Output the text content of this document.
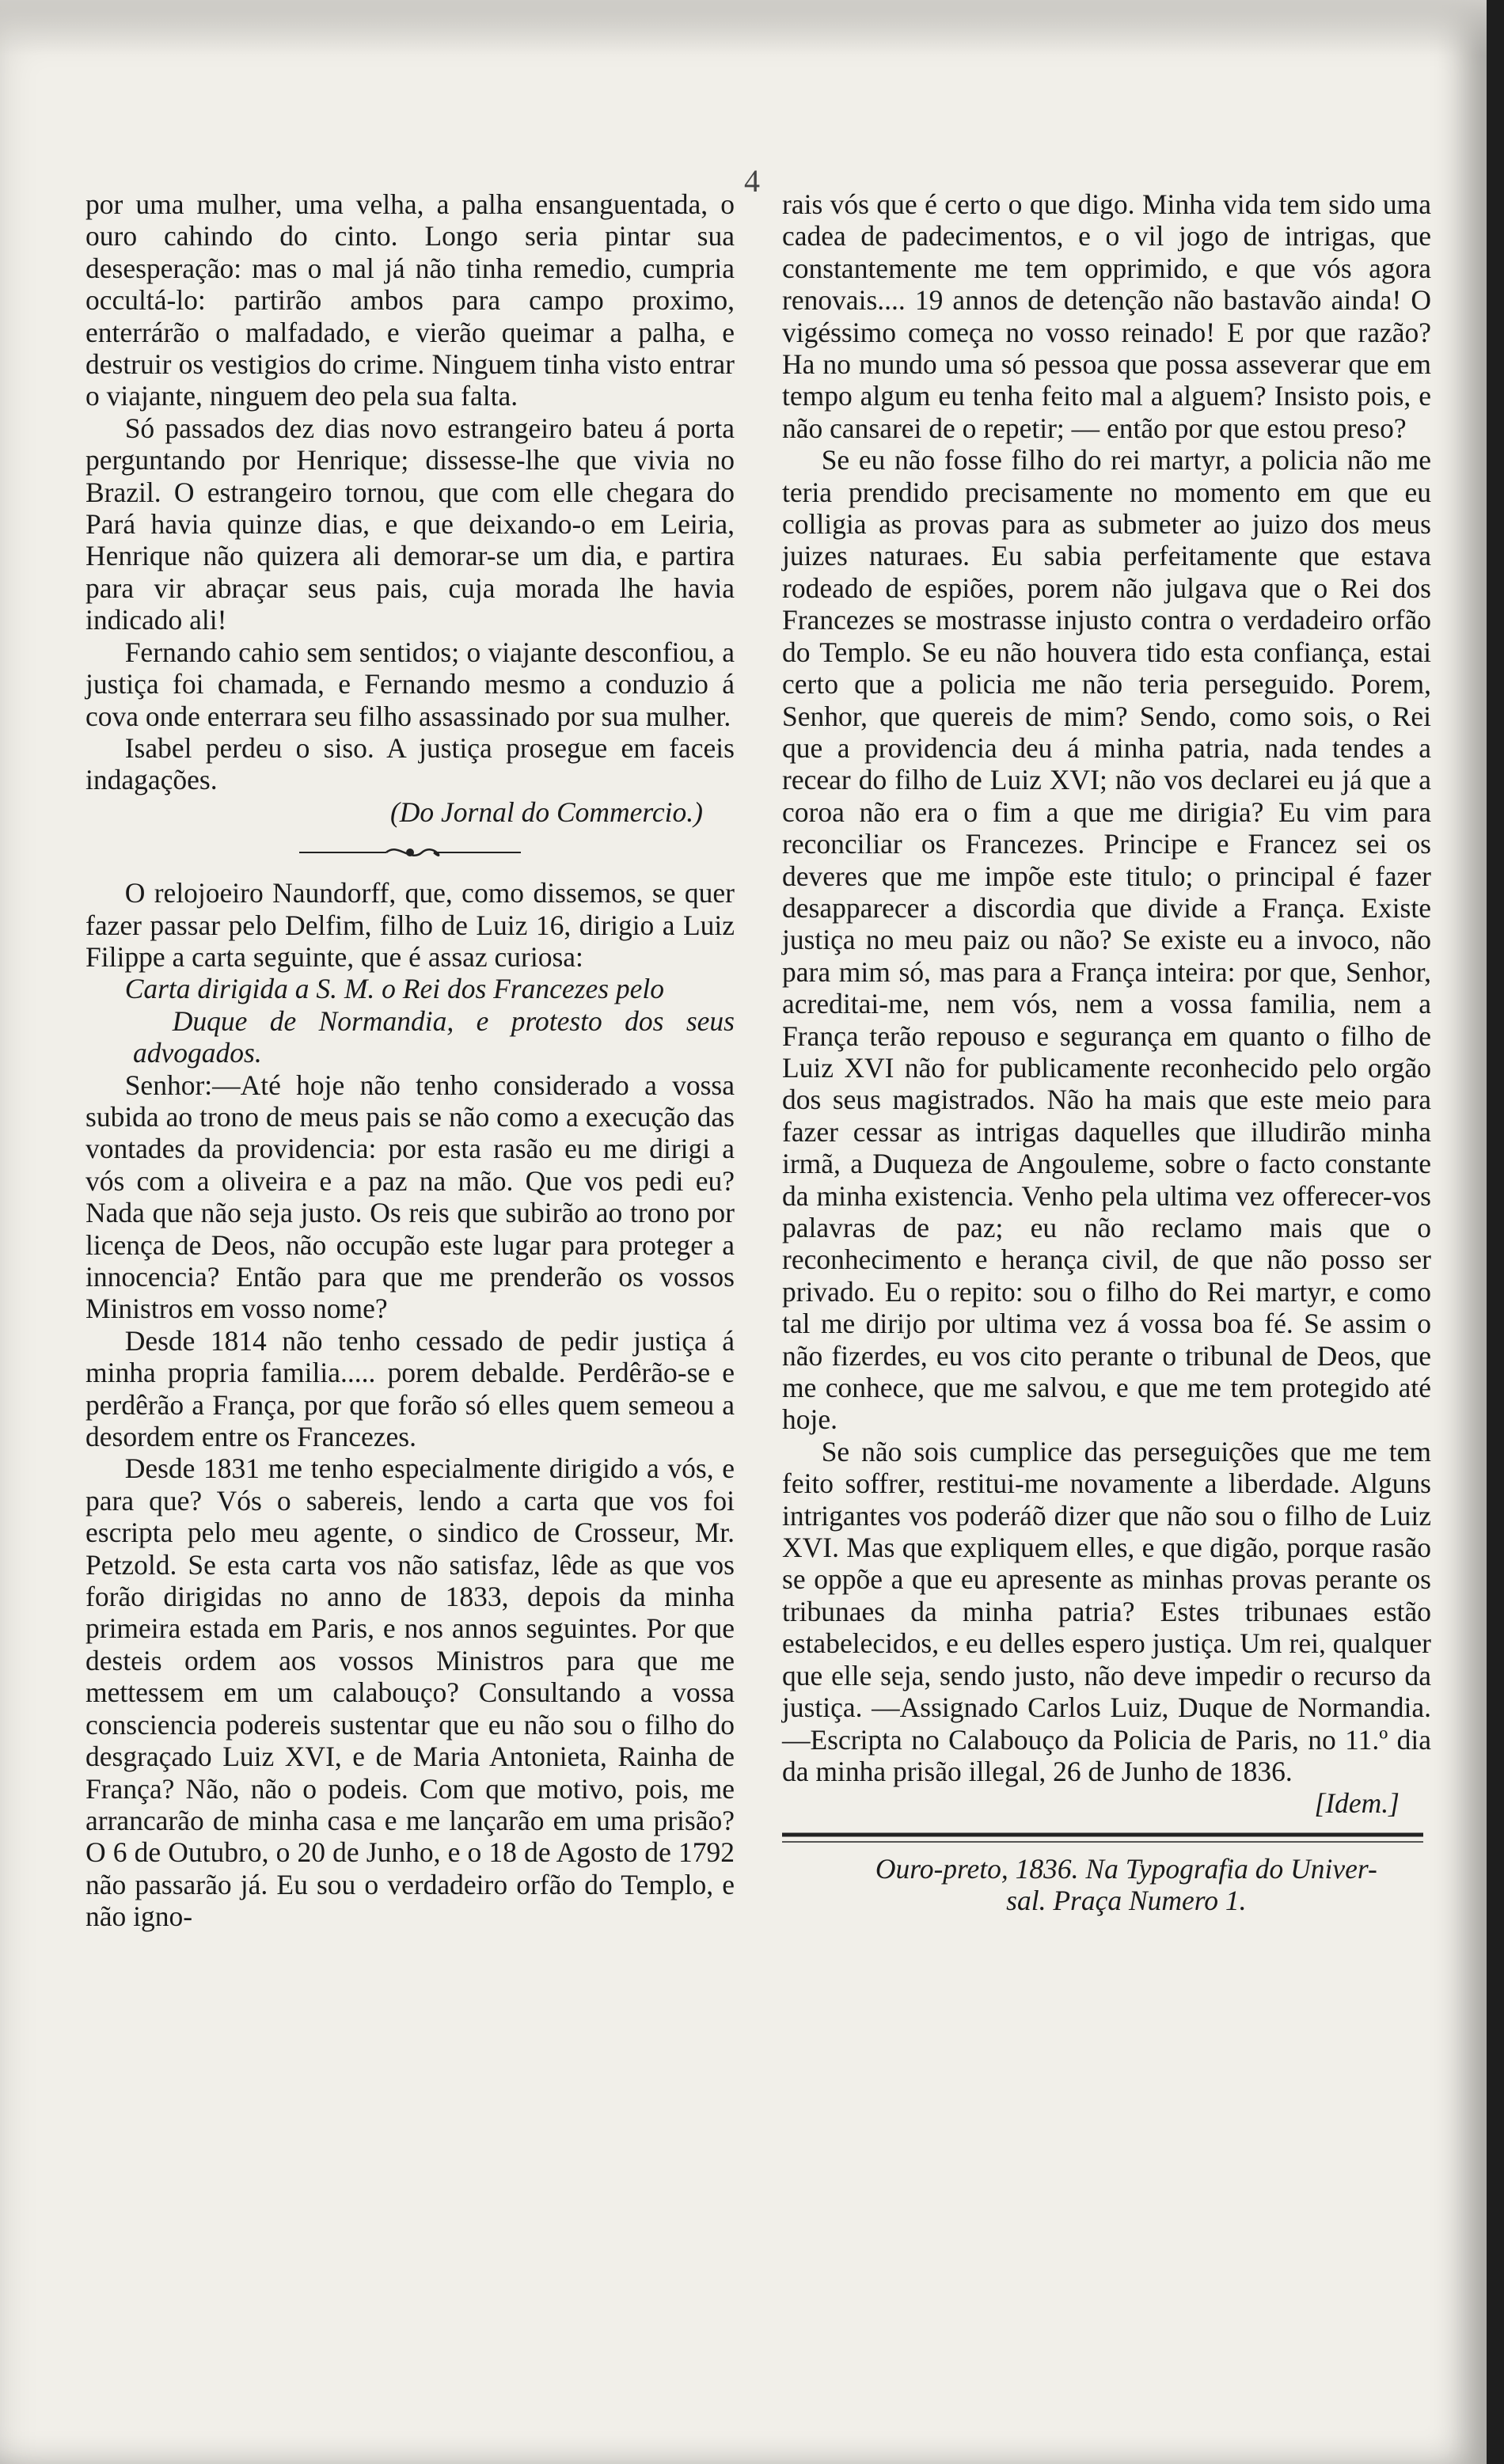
4

por uma mulher, uma velha, a palha ensanguentada, o ouro cahindo do cinto. Longo seria pintar sua desesperação: mas o mal já não tinha remedio, cumpria occultá-lo: partirão ambos para campo proximo, enterrárão o malfadado, e vierão queimar a palha, e destruir os vestigios do crime. Ninguem tinha visto entrar o viajante, ninguem deo pela sua falta.

Só passados dez dias novo estrangeiro bateu á porta perguntando por Henrique; dissesse-lhe que vivia no Brazil. O estrangeiro tornou, que com elle chegara do Pará havia quinze dias, e que deixando-o em Leiria, Henrique não quizera ali demorar-se um dia, e partira para vir abraçar seus pais, cuja morada lhe havia indicado ali!

Fernando cahio sem sentidos; o viajante desconfiou, a justiça foi chamada, e Fernando mesmo a conduzio á cova onde enterrara seu filho assassinado por sua mulher.

Isabel perdeu o siso. A justiça prosegue em faceis indagações.

(Do Jornal do Commercio.)

O relojoeiro Naundorff, que, como dissemos, se quer fazer passar pelo Delfim, filho de Luiz 16, dirigio a Luiz Filippe a carta seguinte, que é assaz curiosa:

Carta dirigida a S. M. o Rei dos Francezes pelo
Duque de Normandia, e protesto dos seus advogados.

Senhor:—Até hoje não tenho considerado a vossa subida ao trono de meus pais se não como a execução das vontades da providencia: por esta rasão eu me dirigi a vós com a oliveira e a paz na mão. Que vos pedi eu? Nada que não seja justo. Os reis que subirão ao trono por licença de Deos, não occupão este lugar para proteger a innocencia? Então para que me prenderão os vossos Ministros em vosso nome?

Desde 1814 não tenho cessado de pedir justiça á minha propria familia..... porem debalde. Perdêrão-se e perdêrão a França, por que forão só elles quem semeou a desordem entre os Francezes.

Desde 1831 me tenho especialmente dirigido a vós, e para que? Vós o sabereis, lendo a carta que vos foi escripta pelo meu agente, o sindico de Crosseur, Mr. Petzold. Se esta carta vos não satisfaz, lêde as que vos forão dirigidas no anno de 1833, depois da minha primeira estada em Paris, e nos annos seguintes. Por que desteis ordem aos vossos Ministros para que me mettessem em um calabouço? Consultando a vossa consciencia podereis sustentar que eu não sou o filho do desgraçado Luiz XVI, e de Maria Antonieta, Rainha de França? Não, não o podeis. Com que motivo, pois, me arrancarão de minha casa e me lançarão em uma prisão? O 6 de Outubro, o 20 de Junho, e o 18 de Agosto de 1792 não passarão já. Eu sou o verdadeiro orfão do Templo, e não igno-

rais vós que é certo o que digo. Minha vida tem sido uma cadea de padecimentos, e o vil jogo de intrigas, que constantemente me tem opprimido, e que vós agora renovais.... 19 annos de detenção não bastavão ainda! O vigéssimo começa no vosso reinado! E por que razão? Ha no mundo uma só pessoa que possa asseverar que em tempo algum eu tenha feito mal a alguem? Insisto pois, e não cansarei de o repetir; — então por que estou preso?

Se eu não fosse filho do rei martyr, a policia não me teria prendido precisamente no momento em que eu colligia as provas para as submeter ao juizo dos meus juizes naturaes. Eu sabia perfeitamente que estava rodeado de espiões, porem não julgava que o Rei dos Francezes se mostrasse injusto contra o verdadeiro orfão do Templo. Se eu não houvera tido esta confiança, estai certo que a policia me não teria perseguido. Porem, Senhor, que quereis de mim? Sendo, como sois, o Rei que a providencia deu á minha patria, nada tendes a recear do filho de Luiz XVI; não vos declarei eu já que a coroa não era o fim a que me dirigia? Eu vim para reconciliar os Francezes. Principe e Francez sei os deveres que me impõe este titulo; o principal é fazer desapparecer a discordia que divide a França. Existe justiça no meu paiz ou não? Se existe eu a invoco, não para mim só, mas para a França inteira: por que, Senhor, acreditai-me, nem vós, nem a vossa familia, nem a França terão repouso e segurança em quanto o filho de Luiz XVI não for publicamente reconhecido pelo orgão dos seus magistrados. Não ha mais que este meio para fazer cessar as intrigas daquelles que illudirão minha irmã, a Duqueza de Angouleme, sobre o facto constante da minha existencia. Venho pela ultima vez offerecer-vos palavras de paz; eu não reclamo mais que o reconhecimento e herança civil, de que não posso ser privado. Eu o repito: sou o filho do Rei martyr, e como tal me dirijo por ultima vez á vossa boa fé. Se assim o não fizerdes, eu vos cito perante o tribunal de Deos, que me conhece, que me salvou, e que me tem protegido até hoje.

Se não sois cumplice das perseguições que me tem feito soffrer, restitui-me novamente a liberdade. Alguns intrigantes vos poderáõ dizer que não sou o filho de Luiz XVI. Mas que expliquem elles, e que digão, porque rasão se oppõe a que eu apresente as minhas provas perante os tribunaes da minha patria? Estes tribunaes estão estabelecidos, e eu delles espero justiça. Um rei, qualquer que elle seja, sendo justo, não deve impedir o recurso da justiça. —Assignado Carlos Luiz, Duque de Normandia.—Escripta no Calabouço da Policia de Paris, no 11.º dia da minha prisão illegal, 26 de Junho de 1836.

[Idem.]

Ouro-preto, 1836. Na Typografia do Univer-

sal. Praça Numero 1.
